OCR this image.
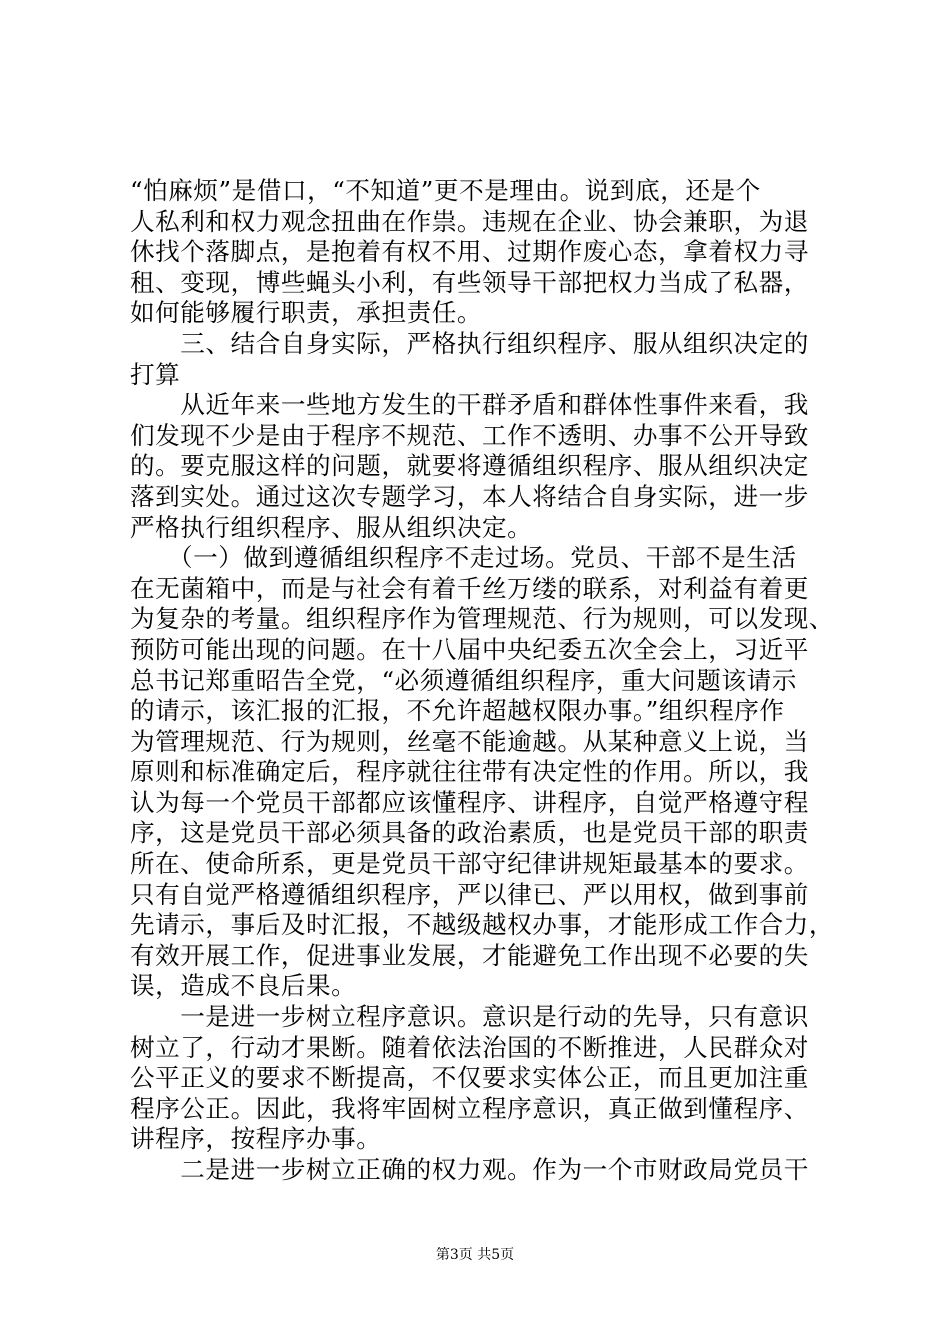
“怕麻烦”是借口，“不知道”更不是理由。说到底，还是个
人私利和权力观念扭曲在作祟。违规在企业、协会兼职，为退
休找个落脚点，是抱着有权不用、过期作废心态，拿着权力寻
租、变现，博些蝇头小利，有些领导干部把权力当成了私器，
如何能够履行职责，承担责任。
　　三、结合自身实际，严格执行组织程序、服从组织决定的
打算
　　从近年来一些地方发生的干群矛盾和群体性事件来看，我
们发现不少是由于程序不规范、工作不透明、办事不公开导致
的。要克服这样的问题，就要将遵循组织程序、服从组织决定
落到实处。通过这次专题学习，本人将结合自身实际，进一步
严格执行组织程序、服从组织决定。
　　（一）做到遵循组织程序不走过场。党员、干部不是生活
在无菌箱中，而是与社会有着千丝万缕的联系，对利益有着更
为复杂的考量。组织程序作为管理规范、行为规则，可以发现、
预防可能出现的问题。在十八届中央纪委五次全会上，习近平
总书记郑重昭告全党，“必须遵循组织程序，重大问题该请示
的请示，该汇报的汇报，不允许超越权限办事。”组织程序作
为管理规范、行为规则，丝毫不能逾越。从某种意义上说，当
原则和标准确定后，程序就往往带有决定性的作用。所以，我
认为每一个党员干部都应该懂程序、讲程序，自觉严格遵守程
序，这是党员干部必须具备的政治素质，也是党员干部的职责
所在、使命所系，更是党员干部守纪律讲规矩最基本的要求。
只有自觉严格遵循组织程序，严以律已、严以用权，做到事前
先请示，事后及时汇报，不越级越权办事，才能形成工作合力，
有效开展工作，促进事业发展，才能避免工作出现不必要的失
误，造成不良后果。
　　一是进一步树立程序意识。意识是行动的先导，只有意识
树立了，行动才果断。随着依法治国的不断推进，人民群众对
公平正义的要求不断提高，不仅要求实体公正，而且更加注重
程序公正。因此，我将牢固树立程序意识，真正做到懂程序、
讲程序，按程序办事。
　　二是进一步树立正确的权力观。作为一个市财政局党员干
第3页 共5页
